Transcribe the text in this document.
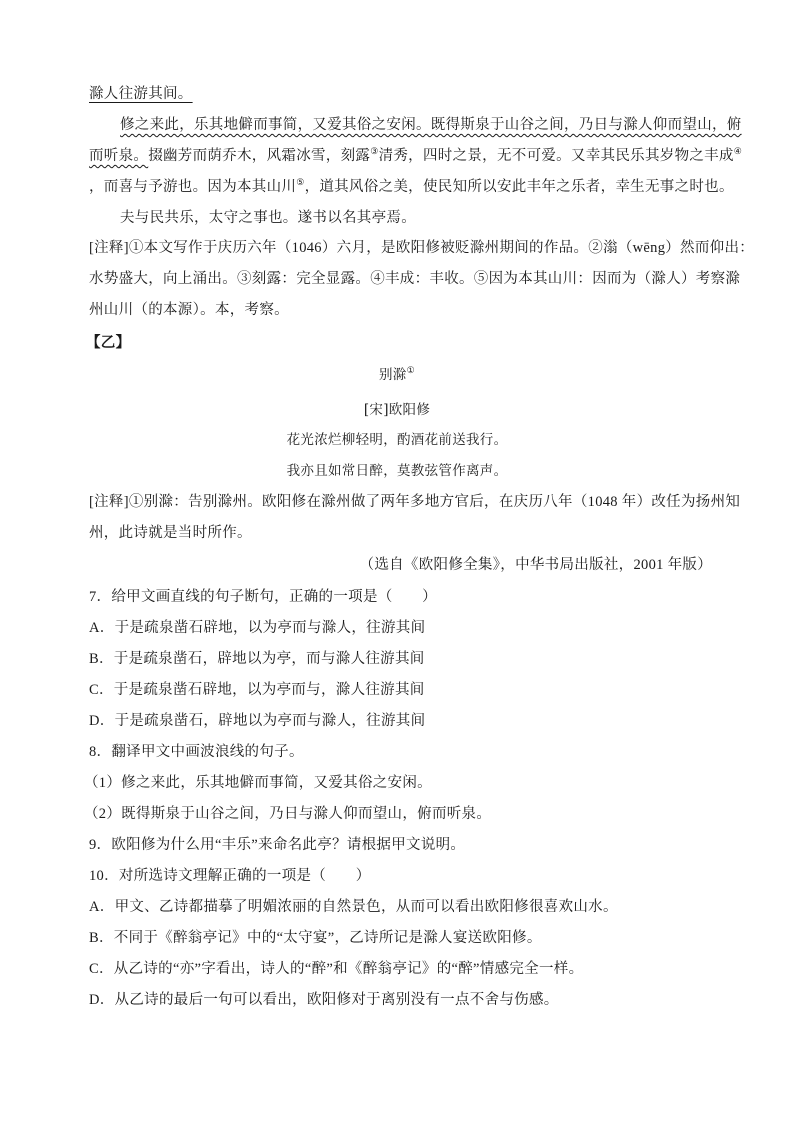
滁人往游其间。
修之来此，乐其地僻而事简，又爱其俗之安闲。既得斯泉于山谷之间，乃日与滁人仰而望山，俯
而听泉。掇幽芳而荫乔木，风霜冰雪，刻露③清秀，四时之景，无不可爱。又幸其民乐其岁物之丰成④
，而喜与予游也。因为本其山川⑤，道其风俗之美，使民知所以安此丰年之乐者，幸生无事之时也。
夫与民共乐，太守之事也。遂书以名其亭焉。
[注释]①本文写作于庆历六年（1046）六月，是欧阳修被贬滁州期间的作品。②滃（wēng）然而仰出：
水势盛大，向上涌出。③刻露：完全显露。④丰成：丰收。⑤因为本其山川：因而为（滁人）考察滁
州山川（的本源）。本，考察。
【乙】
别滁①
[宋]欧阳修
花光浓烂柳轻明，酌酒花前送我行。
我亦且如常日醉，莫教弦管作离声。
[注释]①别滁：告别滁州。欧阳修在滁州做了两年多地方官后，在庆历八年（1048 年）改任为扬州知
州，此诗就是当时所作。
（选自《欧阳修全集》，中华书局出版社，2001 年版）
7．给甲文画直线的句子断句，正确的一项是（　　）
A．于是疏泉凿石辟地，以为亭而与滁人，往游其间
B．于是疏泉凿石，辟地以为亭，而与滁人往游其间
C．于是疏泉凿石辟地，以为亭而与，滁人往游其间
D．于是疏泉凿石，辟地以为亭而与滁人，往游其间
8．翻译甲文中画波浪线的句子。
（1）修之来此，乐其地僻而事简，又爱其俗之安闲。
（2）既得斯泉于山谷之间，乃日与滁人仰而望山，俯而听泉。
9．欧阳修为什么用“丰乐”来命名此亭？请根据甲文说明。
10．对所选诗文理解正确的一项是（　　）
A．甲文、乙诗都描摹了明媚浓丽的自然景色，从而可以看出欧阳修很喜欢山水。
B．不同于《醉翁亭记》中的“太守宴”，乙诗所记是滁人宴送欧阳修。
C．从乙诗的“亦”字看出，诗人的“醉”和《醉翁亭记》的“醉”情感完全一样。
D．从乙诗的最后一句可以看出，欧阳修对于离别没有一点不舍与伤感。
